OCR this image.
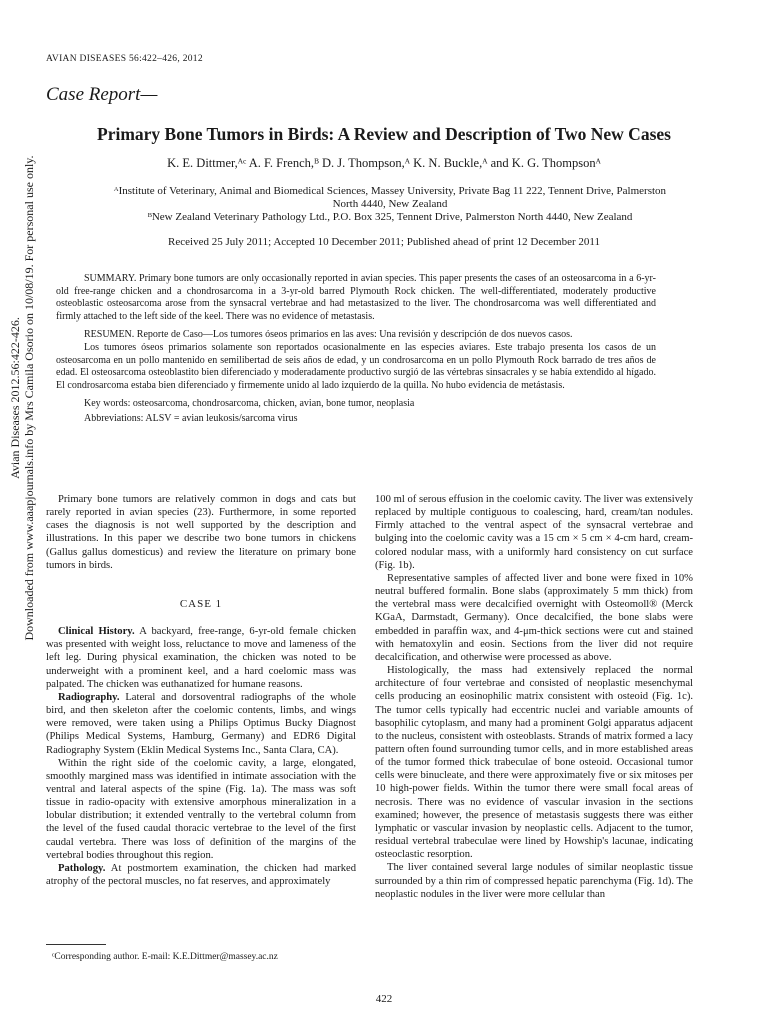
Avian Diseases 2012.56:422-426. Downloaded from www.aaapjournals.info by Mrs Camila Osorio on 10/08/19. For personal use only.
AVIAN DISEASES 56:422–426, 2012
Case Report—
Primary Bone Tumors in Birds: A Review and Description of Two New Cases
K. E. Dittmer,ᴬᶜ A. F. French,ᴮ D. J. Thompson,ᴬ K. N. Buckle,ᴬ and K. G. Thompsonᴬ

ᴬInstitute of Veterinary, Animal and Biomedical Sciences, Massey University, Private Bag 11 222, Tennent Drive, Palmerston North 4440, New Zealand

ᴮNew Zealand Veterinary Pathology Ltd., P.O. Box 325, Tennent Drive, Palmerston North 4440, New Zealand

Received 25 July 2011; Accepted 10 December 2011; Published ahead of print 12 December 2011

SUMMARY. Primary bone tumors are only occasionally reported in avian species. This paper presents the cases of an osteosarcoma in a 6-yr-old free-range chicken and a chondrosarcoma in a 3-yr-old barred Plymouth Rock chicken. The well-differentiated, moderately productive osteoblastic osteosarcoma arose from the synsacral vertebrae and had metastasized to the liver. The chondrosarcoma was well differentiated and firmly attached to the left side of the keel. There was no evidence of metastasis.

RESUMEN. Reporte de Caso—Los tumores óseos primarios en las aves: Una revisión y descripción de dos nuevos casos.

Los tumores óseos primarios solamente son reportados ocasionalmente en las especies aviares. Este trabajo presenta los casos de un osteosarcoma en un pollo mantenido en semilibertad de seis años de edad, y un condrosarcoma en un pollo Plymouth Rock barrado de tres años de edad. El osteosarcoma osteoblastito bien diferenciado y moderadamente productivo surgió de las vértebras sinsacrales y se había extendido al hígado. El condrosarcoma estaba bien diferenciado y firmemente unido al lado izquierdo de la quilla. No hubo evidencia de metástasis.

Key words: osteosarcoma, chondrosarcoma, chicken, avian, bone tumor, neoplasia

Abbreviations: ALSV = avian leukosis/sarcoma virus

Primary bone tumors are relatively common in dogs and cats but rarely reported in avian species (23). Furthermore, in some reported cases the diagnosis is not well supported by the description and illustrations. In this paper we describe two bone tumors in chickens (Gallus gallus domesticus) and review the literature on primary bone tumors in birds.

CASE 1

Clinical History. A backyard, free-range, 6-yr-old female chicken was presented with weight loss, reluctance to move and lameness of the left leg. During physical examination, the chicken was noted to be underweight with a prominent keel, and a hard coelomic mass was palpated. The chicken was euthanatized for humane reasons.

Radiography. Lateral and dorsoventral radiographs of the whole bird, and then skeleton after the coelomic contents, limbs, and wings were removed, were taken using a Philips Optimus Bucky Diagnost (Philips Medical Systems, Hamburg, Germany) and EDR6 Digital Radiography System (Eklin Medical Systems Inc., Santa Clara, CA).

Within the right side of the coelomic cavity, a large, elongated, smoothly margined mass was identified in intimate association with the ventral and lateral aspects of the spine (Fig. 1a). The mass was soft tissue in radio-opacity with extensive amorphous mineralization in a lobular distribution; it extended ventrally to the vertebral column from the level of the fused caudal thoracic vertebrae to the level of the first caudal vertebra. There was loss of definition of the margins of the vertebral bodies throughout this region.

Pathology. At postmortem examination, the chicken had marked atrophy of the pectoral muscles, no fat reserves, and approximately

100 ml of serous effusion in the coelomic cavity. The liver was extensively replaced by multiple contiguous to coalescing, hard, cream/tan nodules. Firmly attached to the ventral aspect of the synsacral vertebrae and bulging into the coelomic cavity was a 15 cm × 5 cm × 4-cm hard, cream-colored nodular mass, with a uniformly hard consistency on cut surface (Fig. 1b).

Representative samples of affected liver and bone were fixed in 10% neutral buffered formalin. Bone slabs (approximately 5 mm thick) from the vertebral mass were decalcified overnight with Osteomoll® (Merck KGaA, Darmstadt, Germany). Once decalcified, the bone slabs were embedded in paraffin wax, and 4-μm-thick sections were cut and stained with hematoxylin and eosin. Sections from the liver did not require decalcification, and otherwise were processed as above.

Histologically, the mass had extensively replaced the normal architecture of four vertebrae and consisted of neoplastic mesenchymal cells producing an eosinophilic matrix consistent with osteoid (Fig. 1c). The tumor cells typically had eccentric nuclei and variable amounts of basophilic cytoplasm, and many had a prominent Golgi apparatus adjacent to the nucleus, consistent with osteoblasts. Strands of matrix formed a lacy pattern often found surrounding tumor cells, and in more established areas of the tumor formed thick trabeculae of bone osteoid. Occasional tumor cells were binucleate, and there were approximately five or six mitoses per 10 high-power fields. Within the tumor there were small focal areas of necrosis. There was no evidence of vascular invasion in the sections examined; however, the presence of metastasis suggests there was either lymphatic or vascular invasion by neoplastic cells. Adjacent to the tumor, residual vertebral trabeculae were lined by Howship's lacunae, indicating osteoclastic resorption.

The liver contained several large nodules of similar neoplastic tissue surrounded by a thin rim of compressed hepatic parenchyma (Fig. 1d). The neoplastic nodules in the liver were more cellular than

ᶜCorresponding author. E-mail: K.E.Dittmer@massey.ac.nz
422
